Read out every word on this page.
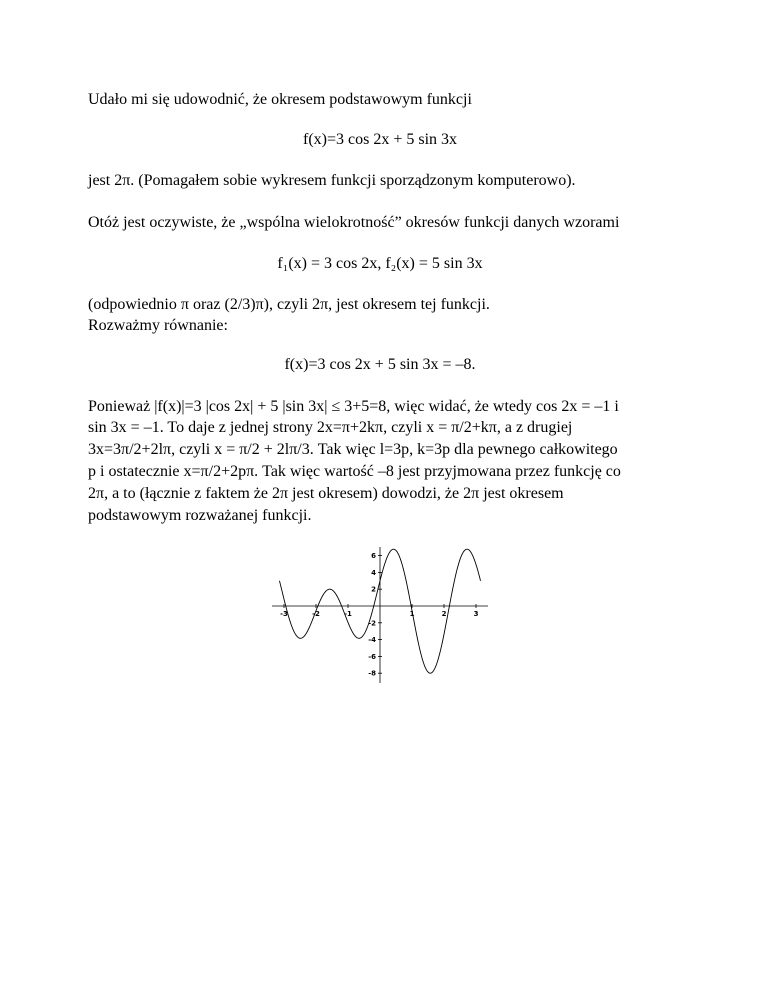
Udało mi się udowodnić, że okresem podstawowym funkcji
f(x)=3 cos 2x + 5 sin 3x
jest 2π. (Pomagałem sobie wykresem funkcji sporządzonym komputerowo).
Otóż jest oczywiste, że „wspólna wielokrotność” okresów funkcji danych wzorami
f₁(x) = 3 cos 2x, f₂(x) = 5 sin 3x
(odpowiednio π oraz (2/3)π), czyli 2π, jest okresem tej funkcji.
Rozważmy równanie:
f(x)=3 cos 2x + 5 sin 3x = –8.
Ponieważ |f(x)|=3 |cos 2x| + 5 |sin 3x| ≤ 3+5=8, więc widać, że wtedy cos 2x = –1 i
sin 3x = –1. To daje z jednej strony 2x=π+2kπ, czyli x = π/2+kπ, a z drugiej
3x=3π/2+2lπ, czyli x = π/2 + 2lπ/3. Tak więc l=3p, k=3p dla pewnego całkowitego
p i ostatecznie x=π/2+2pπ. Tak więc wartość –8 jest przyjmowana przez funkcję co
2π, a to (łącznie z faktem że 2π jest okresem) dowodzi, że 2π jest okresem
podstawowym rozważanej funkcji.
-3	-2	-1	1	2	3
6
4
2
-2
-4
-6
-8
